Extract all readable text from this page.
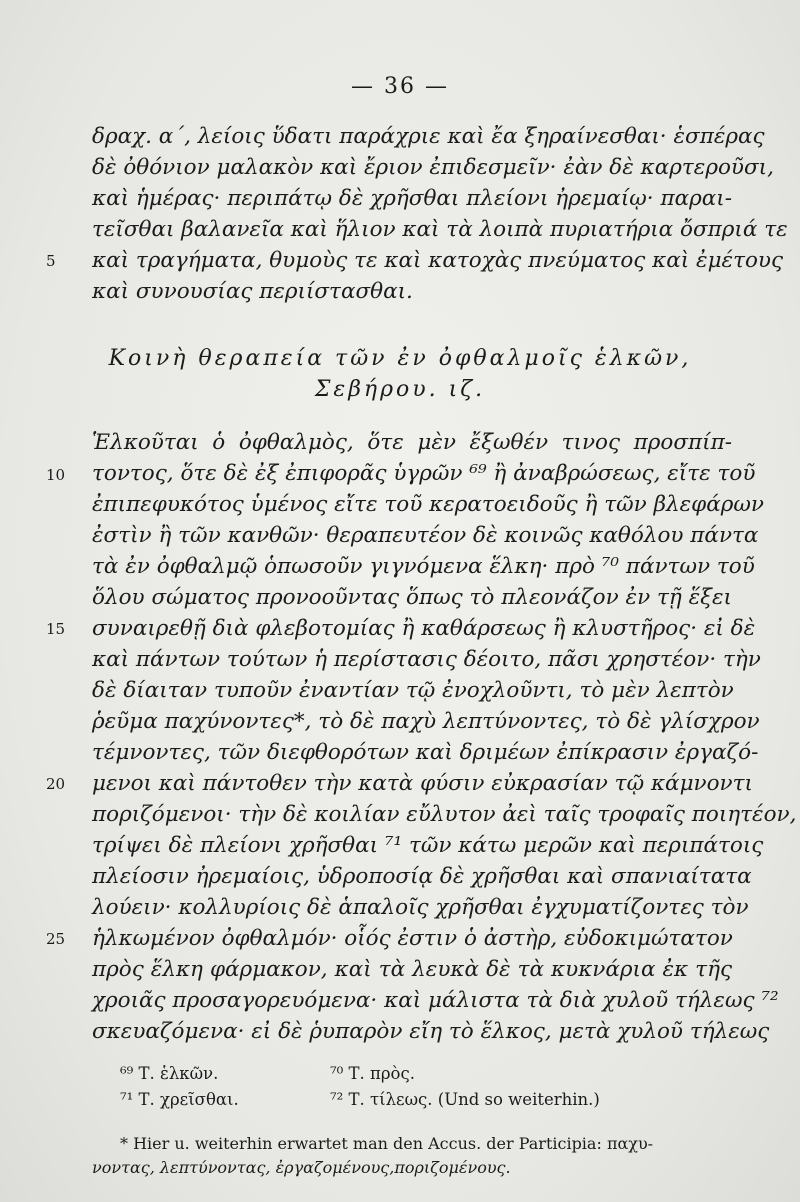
— 36 —
δραχ. α΄, λείοις ὕδατι παράχριε καὶ ἔα ξηραίνεσθαι· ἑσπέρας
δὲ ὀθόνιον μαλακὸν καὶ ἔριον ἐπιδεσμεῖν· ἐὰν δὲ καρτεροῦσι,
καὶ ἡμέρας· περιπάτῳ δὲ χρῆσθαι πλείονι ἠρεμαίῳ· παραι-
τεῖσθαι βαλανεῖα καὶ ἥλιον καὶ τὰ λοιπὰ πυριατήρια ὄσπριά τε
5	καὶ τραγήματα, θυμοὺς τε καὶ κατοχὰς πνεύματος καὶ ἐμέτους
καὶ συνουσίας περιίστασθαι.
Κοινὴ θεραπεία τῶν ἐν ὀφθαλμοῖς ἑλκῶν,
Σεβήρου. ιζ.
Ἑλκοῦται ὁ ὀφθαλμὸς, ὅτε μὲν ἔξωθέν τινος προσπίπ-
10	τοντος, ὅτε δὲ ἐξ ἐπιφορᾶς ὑγρῶν ⁶⁹ ἢ ἀναβρώσεως, εἴτε τοῦ
ἐπιπεφυκότος ὑμένος εἴτε τοῦ κερατοειδοῦς ἢ τῶν βλεφάρων
ἐστὶν ἢ τῶν κανθῶν· θεραπευτέον δὲ κοινῶς καθόλου πάντα
τὰ ἐν ὀφθαλμῷ ὁπωσοῦν γιγνόμενα ἕλκη· πρὸ ⁷⁰ πάντων τοῦ
ὅλου σώματος προνοοῦντας ὅπως τὸ πλεονάζον ἐν τῇ ἕξει
15	συναιρεθῇ διὰ φλεβοτομίας ἢ καθάρσεως ἢ κλυστῆρος· εἰ δὲ
καὶ πάντων τούτων ἡ περίστασις δέοιτο, πᾶσι χρηστέον· τὴν
δὲ δίαιταν τυποῦν ἐναντίαν τῷ ἐνοχλοῦντι, τὸ μὲν λεπτὸν
ῥεῦμα παχύνοντες*, τὸ δὲ παχὺ λεπτύνοντες, τὸ δὲ γλίσχρον
τέμνοντες, τῶν διεφθορότων καὶ δριμέων ἐπίκρασιν ἐργαζό-
20	μενοι καὶ πάντοθεν τὴν κατὰ φύσιν εὐκρασίαν τῷ κάμνοντι
ποριζόμενοι· τὴν δὲ κοιλίαν εὔλυτον ἀεὶ ταῖς τροφαῖς ποιητέον,
τρίψει δὲ πλείονι χρῆσθαι ⁷¹ τῶν κάτω μερῶν καὶ περιπάτοις
πλείοσιν ἠρεμαίοις, ὑδροποσίᾳ δὲ χρῆσθαι καὶ σπανιαίτατα
λούειν· κολλυρίοις δὲ ἁπαλοῖς χρῆσθαι ἐγχυματίζοντες τὸν
25	ἡλκωμένον ὀφθαλμόν· οἷός ἐστιν ὁ ἀστὴρ, εὐδοκιμώτατον
πρὸς ἕλκη φάρμακον, καὶ τὰ λευκὰ δὲ τὰ κυκνάρια ἐκ τῆς
χροιᾶς προσαγορευόμενα· καὶ μάλιστα τὰ διὰ χυλοῦ τήλεως ⁷²
σκευαζόμενα· εἰ δὲ ῥυπαρὸν εἴη τὸ ἕλκος, μετὰ χυλοῦ τήλεως
⁶⁹ Τ. ἑλκῶν.	⁷⁰ Τ. πρὸς.
⁷¹ Τ. χρεῖσθαι.	⁷² Τ. τίλεως. (Und so weiterhin.)
* Hier u. weiterhin erwartet man den Accus. der Participia: παχυ-
νοντας, λεπτύνοντας, ἐργαζομένους,ποριζομένους.
